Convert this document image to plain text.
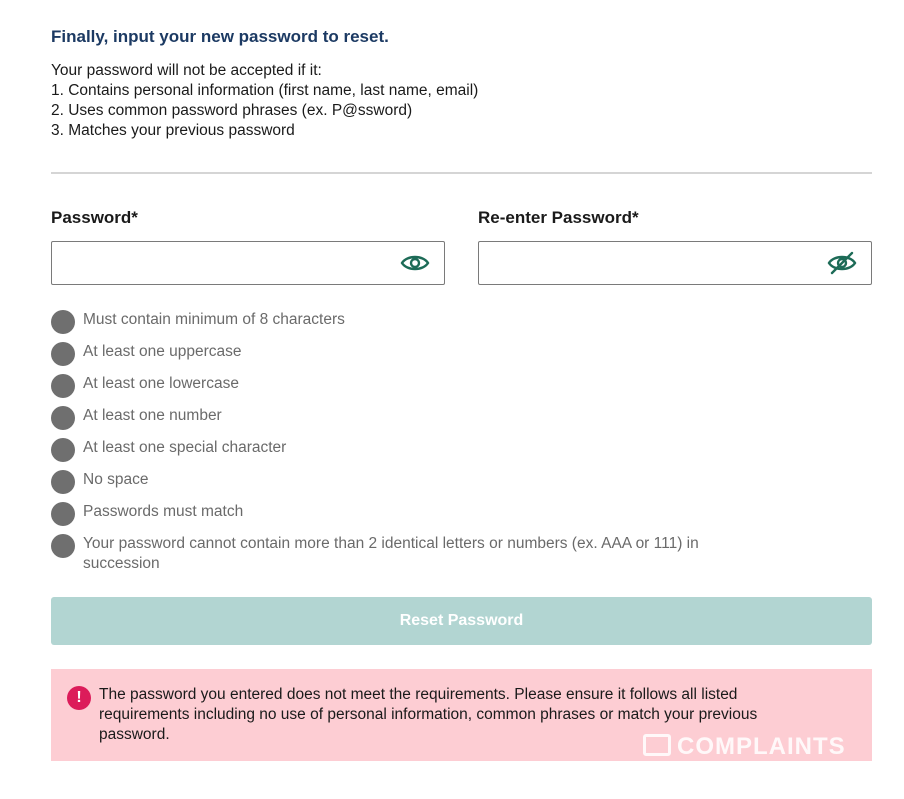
Finally, input your new password to reset.
Your password will not be accepted if it:
1. Contains personal information (first name, last name, email)
2. Uses common password phrases (ex. P@ssword)
3. Matches your previous password
Password*	Re-enter Password*
Must contain minimum of 8 characters
At least one uppercase
At least one lowercase
At least one number
At least one special character
No space
Passwords must match
Your password cannot contain more than 2 identical letters or numbers (ex. AAA or 111) in succession
Reset Password
!	The password you entered does not meet the requirements. Please ensure it follows all listed requirements including no use of personal information, common phrases or match your previous password.	COMPLAINTS
